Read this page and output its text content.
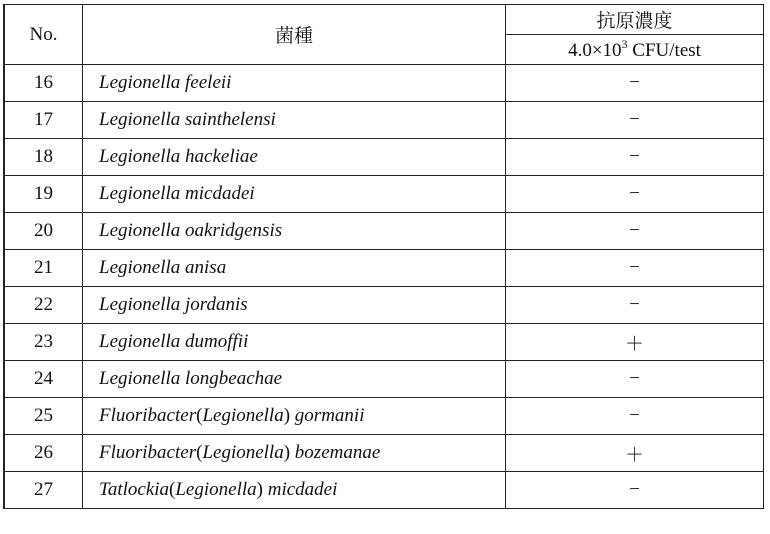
No.	菌種	抗原濃度
		$4.0\times 10^3$ CFU/test
16	Legionella feeleii	−
17	Legionella sainthelensi	−
18	Legionella hackeliae	−
19	Legionella micdadei	−
20	Legionella oakridgensis	−
21	Legionella anisa	−
22	Legionella jordanis	−
23	Legionella dumoffii	＋
24	Legionella longbeachae	−
25	Fluoribacter(Legionella) gormanii	−
26	Fluoribacter(Legionella) bozemanae	＋
27	Tatlockia(Legionella) micdadei	−
